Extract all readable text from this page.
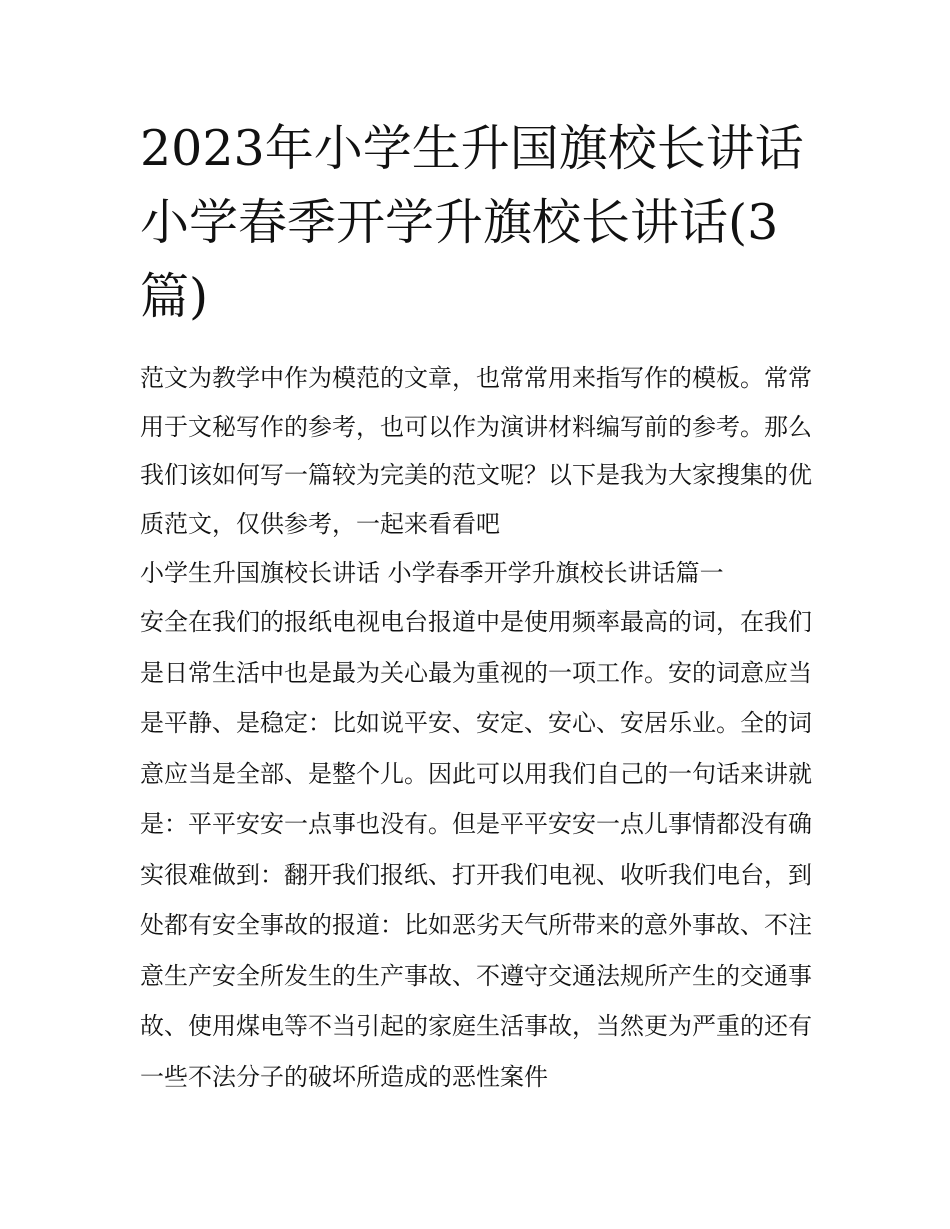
2023年小学生升国旗校长讲话 小学春季开学升旗校长讲话(3篇)

范文为教学中作为模范的文章，也常常用来指写作的模板。常常用于文秘写作的参考，也可以作为演讲材料编写前的参考。那么我们该如何写一篇较为完美的范文呢？以下是我为大家搜集的优质范文，仅供参考，一起来看看吧

小学生升国旗校长讲话 小学春季开学升旗校长讲话篇一

安全在我们的报纸电视电台报道中是使用频率最高的词，在我们是日常生活中也是最为关心最为重视的一项工作。安的词意应当是平静、是稳定：比如说平安、安定、安心、安居乐业。全的词意应当是全部、是整个儿。因此可以用我们自己的一句话来讲就是：平平安安一点事也没有。但是平平安安一点儿事情都没有确实很难做到：翻开我们报纸、打开我们电视、收听我们电台，到处都有安全事故的报道：比如恶劣天气所带来的意外事故、不注意生产安全所发生的生产事故、不遵守交通法规所产生的交通事故、使用煤电等不当引起的家庭生活事故，当然更为严重的还有一些不法分子的破坏所造成的恶性案件
